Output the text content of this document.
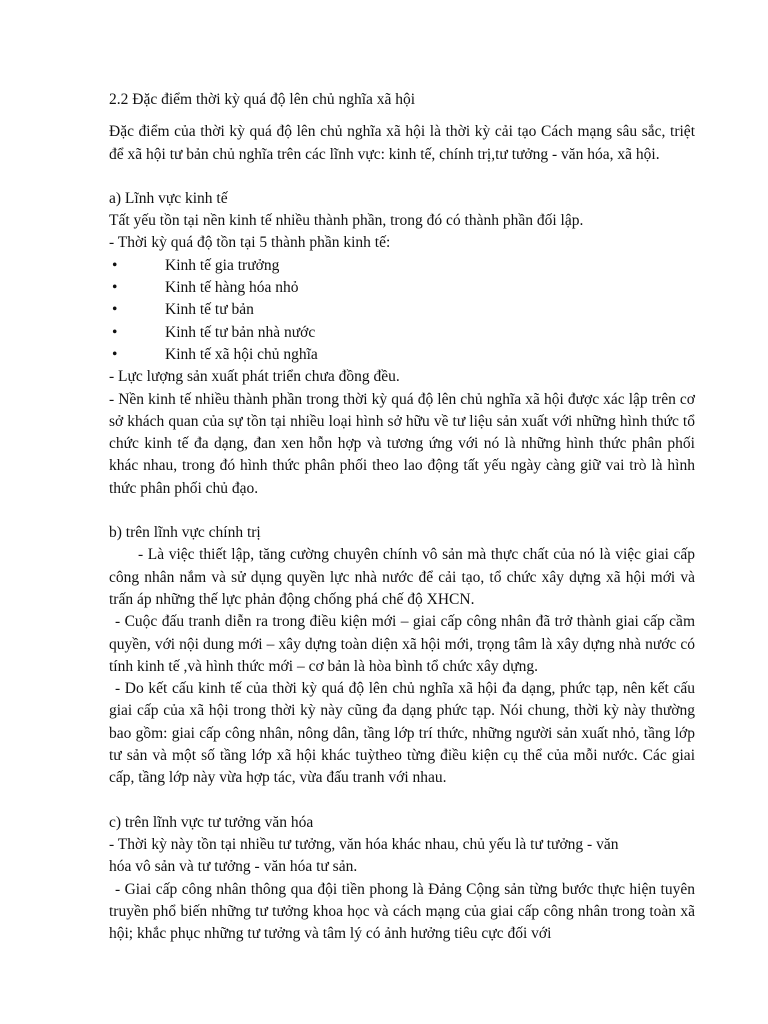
2.2 Đặc điểm thời kỳ quá độ lên chủ nghĩa xã hội

Đặc điểm của thời kỳ quá độ lên chủ nghĩa xã hội là thời kỳ cải tạo Cách mạng sâu sắc, triệt để xã hội tư bản chủ nghĩa trên các lĩnh vực: kinh tế, chính trị,tư tưởng - văn hóa, xã hội.

a) Lĩnh vực kinh tế

Tất yếu tồn tại nền kinh tế nhiều thành phần, trong đó có thành phần đối lập.

- Thời kỳ quá độ tồn tại 5 thành phần kinh tế:

•	Kinh tế gia trưởng
•	Kinh tế hàng hóa nhỏ
•	Kinh tế tư bản
•	Kinh tế tư bản nhà nước
•	Kinh tế xã hội chủ nghĩa

- Lực lượng sản xuất phát triển chưa đồng đều.

- Nền kinh tế nhiều thành phần trong thời kỳ quá độ lên chủ nghĩa xã hội được xác lập trên cơ sở khách quan của sự tồn tại nhiều loại hình sở hữu về tư liệu sản xuất với những hình thức tổ chức kinh tế đa dạng, đan xen hỗn hợp và tương ứng với nó là những hình thức phân phối khác nhau, trong đó hình thức phân phối theo lao động tất yếu ngày càng giữ vai trò là hình thức phân phối chủ đạo.

b) trên lĩnh vực chính trị

- Là việc thiết lập, tăng cường chuyên chính vô sản mà thực chất của nó là việc giai cấp công nhân nắm và sử dụng quyền lực nhà nước để cải tạo, tổ chức xây dựng xã hội mới và trấn áp những thế lực phản động chống phá chế độ XHCN.

- Cuộc đấu tranh diễn ra trong điều kiện mới – giai cấp công nhân đã trở thành giai cấp cầm quyền, với nội dung mới – xây dựng toàn diện xã hội mới, trọng tâm là xây dựng nhà nước có tính kinh tế ,và hình thức mới – cơ bản là hòa bình tổ chức xây dựng.

- Do kết cấu kinh tế của thời kỳ quá độ lên chủ nghĩa xã hội đa dạng, phức tạp, nên kết cấu giai cấp của xã hội trong thời kỳ này cũng đa dạng phức tạp. Nói chung, thời kỳ này thường bao gồm: giai cấp công nhân, nông dân, tầng lớp trí thức, những người sản xuất nhỏ, tầng lớp tư sản và một số tầng lớp xã hội khác tuỳtheo từng điều kiện cụ thể của mỗi nước. Các giai cấp, tầng lớp này vừa hợp tác, vừa đấu tranh với nhau.

c) trên lĩnh vực tư tưởng văn hóa

- Thời kỳ này tồn tại nhiều tư tưởng, văn hóa khác nhau, chủ yếu là tư tưởng - văn

hóa vô sản và tư tưởng - văn hóa tư sản.

- Giai cấp công nhân thông qua đội tiền phong là Đảng Cộng sản từng bước thực hiện tuyên truyền phổ biến những tư tưởng khoa học và cách mạng của giai cấp công nhân trong toàn xã hội; khắc phục những tư tưởng và tâm lý có ảnh hưởng tiêu cực đối với
